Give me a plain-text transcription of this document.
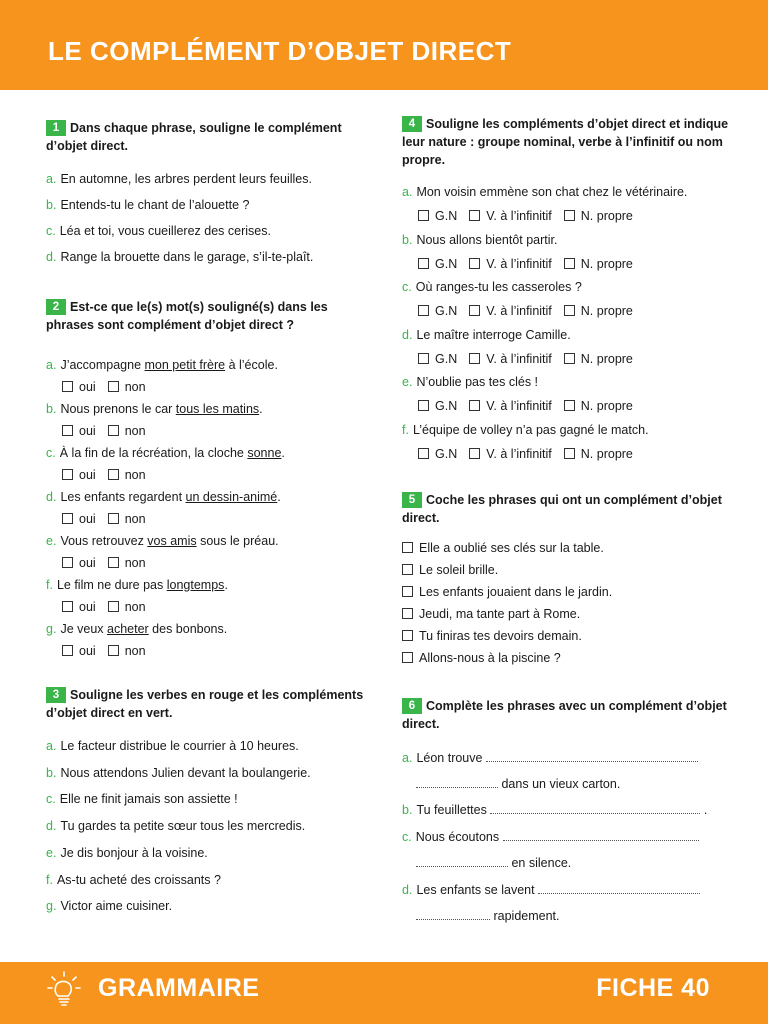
LE COMPLÉMENT D’OBJET DIRECT

1 Dans chaque phrase, souligne le complément d’objet direct.

a. En automne, les arbres perdent leurs feuilles.
b. Entends-tu le chant de l’alouette ?
c. Léa et toi, vous cueillerez des cerises.
d. Range la brouette dans le garage, s’il-te-plaît.

2 Est-ce que le(s) mot(s) souligné(s) dans les phrases sont complément d’objet direct ?

a. J’accompagne mon petit frère à l’école.
oui non
b. Nous prenons le car tous les matins.
oui non
c. À la fin de la récréation, la cloche sonne.
oui non
d. Les enfants regardent un dessin-animé.
oui non
e. Vous retrouvez vos amis sous le préau.
oui non
f. Le film ne dure pas longtemps.
oui non
g. Je veux acheter des bonbons.
oui non

3 Souligne les verbes en rouge et les compléments d’objet direct en vert.

a. Le facteur distribue le courrier à 10 heures.
b. Nous attendons Julien devant la boulangerie.
c. Elle ne finit jamais son assiette !
d. Tu gardes ta petite sœur tous les mercredis.
e. Je dis bonjour à la voisine.
f. As-tu acheté des croissants ?
g. Victor aime cuisiner.

4 Souligne les compléments d’objet direct et indique leur nature : groupe nominal, verbe à l’infinitif ou nom propre.

a. Mon voisin emmène son chat chez le vétérinaire.
G.N V. à l’infinitif N. propre
b. Nous allons bientôt partir.
G.N V. à l’infinitif N. propre
c. Où ranges-tu les casseroles ?
G.N V. à l’infinitif N. propre
d. Le maître interroge Camille.
G.N V. à l’infinitif N. propre
e. N’oublie pas tes clés !
G.N V. à l’infinitif N. propre
f. L’équipe de volley n’a pas gagné le match.
G.N V. à l’infinitif N. propre

5 Coche les phrases qui ont un complément d’objet direct.

Elle a oublié ses clés sur la table.
Le soleil brille.
Les enfants jouaient dans le jardin.
Jeudi, ma tante part à Rome.
Tu finiras tes devoirs demain.
Allons-nous à la piscine ?

6 Complète les phrases avec un complément d’objet direct.

a. Léon trouve
dans un vieux carton.
b. Tu feuillettes	.
c. Nous écoutons
en silence.
d. Les enfants se lavent
rapidement.
GRAMMAIRE	FICHE 40
